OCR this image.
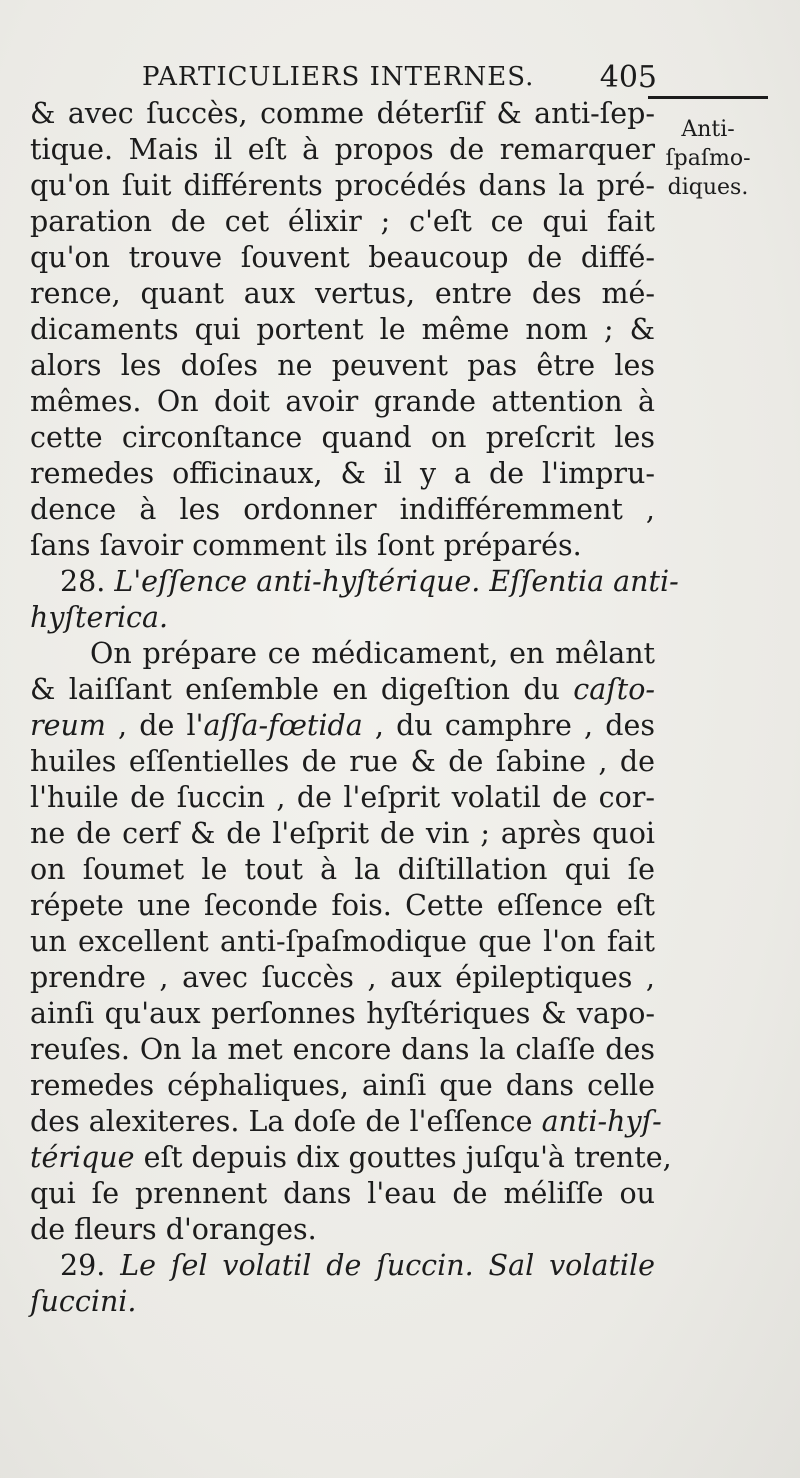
PARTICULIERS INTERNES. 405
Anti-
ſpaſmo-
diques.
& avec ſuccès, comme déterſif & anti-ſep-
tique. Mais il eſt à propos de remarquer
qu'on ſuit différents procédés dans la pré-
paration de cet élixir ; c'eſt ce qui fait
qu'on trouve ſouvent beaucoup de diffé-
rence, quant aux vertus, entre des mé-
dicaments qui portent le même nom ; &
alors les doſes ne peuvent pas être les
mêmes. On doit avoir grande attention à
cette circonſtance quand on preſcrit les
remedes officinaux, & il y a de l'impru-
dence à les ordonner indifféremment ,
ſans ſavoir comment ils ſont préparés.
28. L'eſſence anti-hyſtérique. Eſſentia anti-
hyſterica.
On prépare ce médicament, en mêlant
& laiſſant enſemble en digeſtion du caſto-
reum , de l'aſſa-fœtida , du camphre , des
huiles eſſentielles de rue & de ſabine , de
l'huile de ſuccin , de l'eſprit volatil de cor-
ne de cerf & de l'eſprit de vin ; après quoi
on ſoumet le tout à la diſtillation qui ſe
répete une ſeconde fois. Cette eſſence eſt
un excellent anti-ſpaſmodique que l'on fait
prendre , avec ſuccès , aux épileptiques ,
ainſi qu'aux perſonnes hyſtériques & vapo-
reuſes. On la met encore dans la claſſe des
remedes céphaliques, ainſi que dans celle
des alexiteres. La doſe de l'eſſence anti-hyſ-
térique eſt depuis dix gouttes juſqu'à trente,
qui ſe prennent dans l'eau de méliſſe ou
de fleurs d'oranges.
29. Le ſel volatil de ſuccin. Sal volatile
ſuccini.
